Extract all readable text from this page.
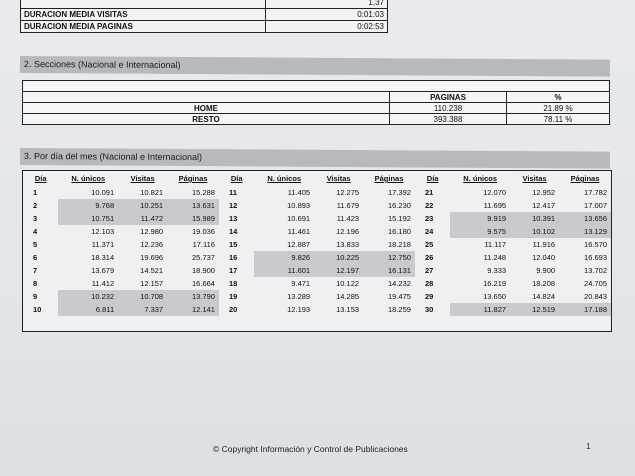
	1,37
DURACION MEDIA VISITAS	0:01:03
DURACION MEDIA PAGINAS	0:02:53
2. Secciones (Nacional e Internacional)

	PAGINAS	%
HOME	110.238	21.89 %
RESTO	393.388	78.11 %
3. Por día del mes (Nacional e Internacional)
Día	N. únicos	Visitas	Páginas	Día	N. únicos	Visitas	Páginas	Día	N. únicos	Visitas	Páginas
1	10.091	10.821	15.288	11	11.405	12.275	17.392	21	12.070	12.952	17.782
2	9.768	10.251	13.631	12	10.893	11.679	16.230	22	11.695	12.417	17.007
3	10.751	11.472	15.989	13	10.691	11.423	15.192	23	9.919	10.391	13.656
4	12.103	12.980	19.036	14	11.461	12.196	16.180	24	9.575	10.102	13.129
5	11.371	12.236	17.116	15	12.887	13.833	18.218	25	11.117	11.916	16.570
6	18.314	19.696	25.737	16	9.826	10.225	12.750	26	11.248	12.040	16.693
7	13.679	14.521	18.900	17	11.601	12.197	16.131	27	9.333	9.900	13.702
8	11.412	12.157	16.664	18	9.471	10.122	14.232	28	16.219	18.208	24.705
9	10.232	10.708	13.790	19	13.289	14.285	19.475	29	13.650	14.824	20.843
10	6.811	7.337	12.141	20	12.193	13.153	18.259	30	11.827	12.519	17.188
© Copyright Información y Control de Publicaciones	1
